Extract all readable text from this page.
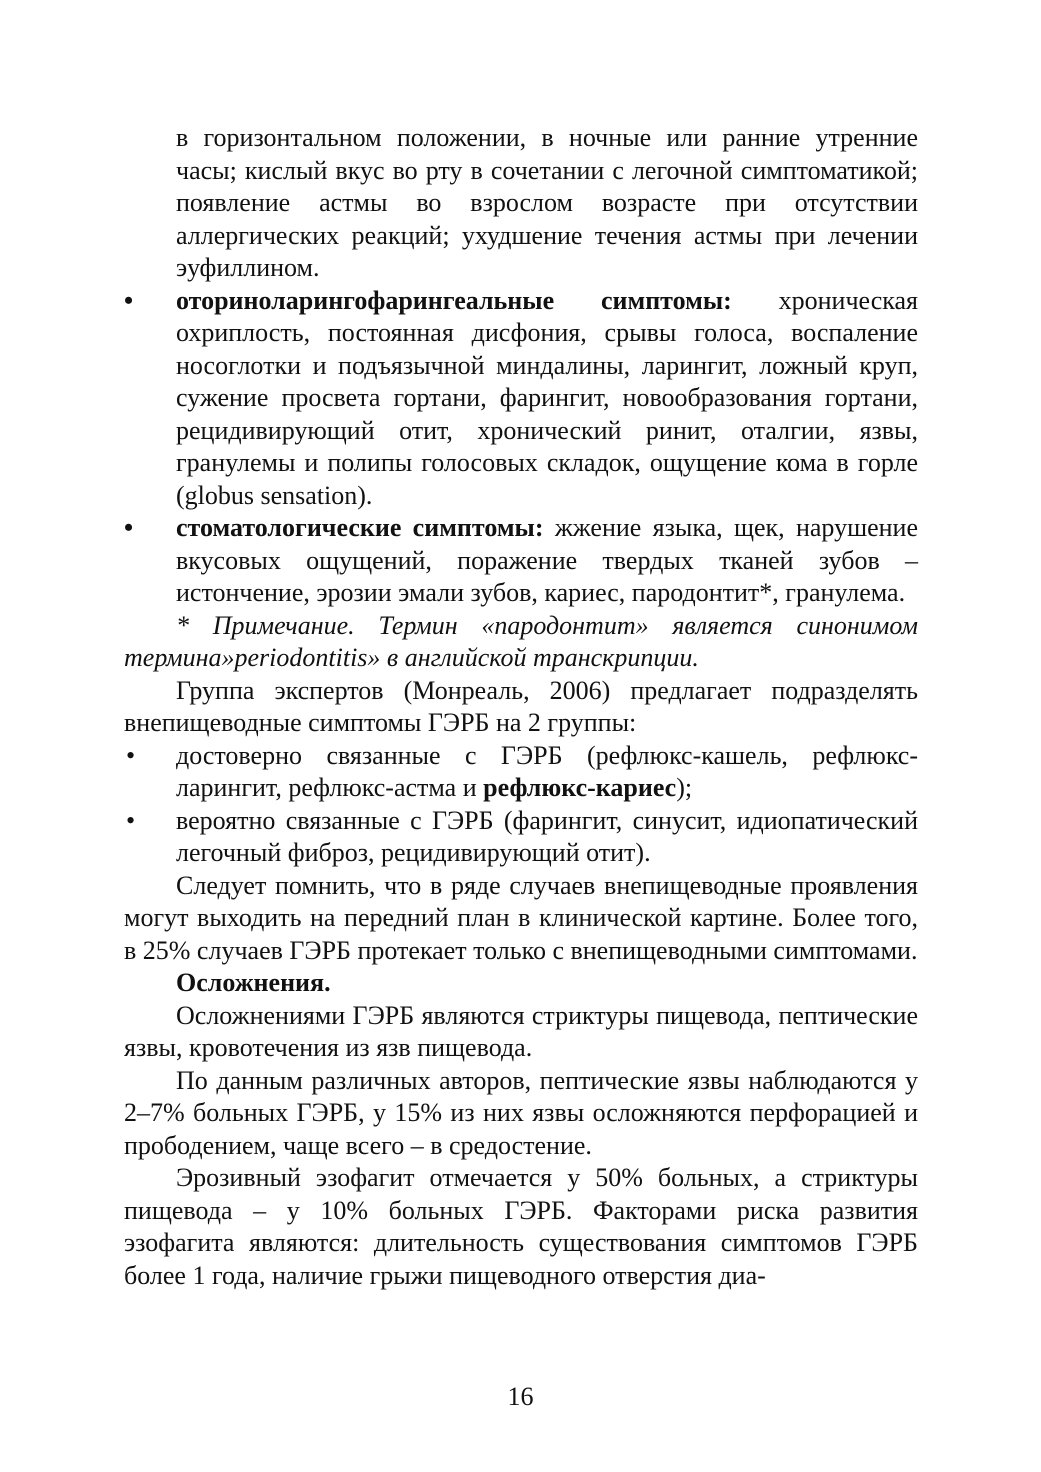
в горизонтальном положении, в ночные или ранние утренние часы; кислый вкус во рту в сочетании с легочной симптоматикой; появление астмы во взрослом возрасте при отсутствии аллергических реакций; ухудшение течения астмы при лечении эуфиллином.

•	оториноларингофарингеальные симптомы: хроническая охриплость, постоянная дисфония, срывы голоса, воспаление носоглотки и подъязычной миндалины, ларингит, ложный круп, сужение просвета гортани, фарингит, новообразования гортани, рецидивирующий отит, хронический ринит, оталгии, язвы, гранулемы и полипы голосовых складок, ощущение кома в горле (globus sensation).
•	стоматологические симптомы: жжение языка, щек, нарушение вкусовых ощущений, поражение твердых тканей зубов – истончение, эрозии эмали зубов, кариес, пародонтит*, гранулема.

* Примечание. Термин «пародонтит» является синонимом термина»periodontitis» в английской транскрипции.

Группа экспертов (Монреаль, 2006) предлагает подразделять внепищеводные симптомы ГЭРБ на 2 группы:

•	достоверно связанные с ГЭРБ (рефлюкс-кашель, рефлюкс-ларингит, рефлюкс-астма и рефлюкс-кариес);
•	вероятно связанные с ГЭРБ (фарингит, синусит, идиопатический легочный фиброз, рецидивирующий отит).

Следует помнить, что в ряде случаев внепищеводные проявления могут выходить на передний план в клинической картине. Более того, в 25% случаев ГЭРБ протекает только с внепищеводными симптомами.

Осложнения.

Осложнениями ГЭРБ являются стриктуры пищевода, пептические язвы, кровотечения из язв пищевода.

По данным различных авторов, пептические язвы наблюдаются у 2–7% больных ГЭРБ, у 15% из них язвы осложняются перфорацией и прободением, чаще всего – в средостение.

Эрозивный эзофагит отмечается у 50% больных, а стриктуры пищевода – у 10% больных ГЭРБ. Факторами риска развития эзофагита являются: длительность существования симптомов ГЭРБ более 1 года, наличие грыжи пищеводного отверстия диа-

16
